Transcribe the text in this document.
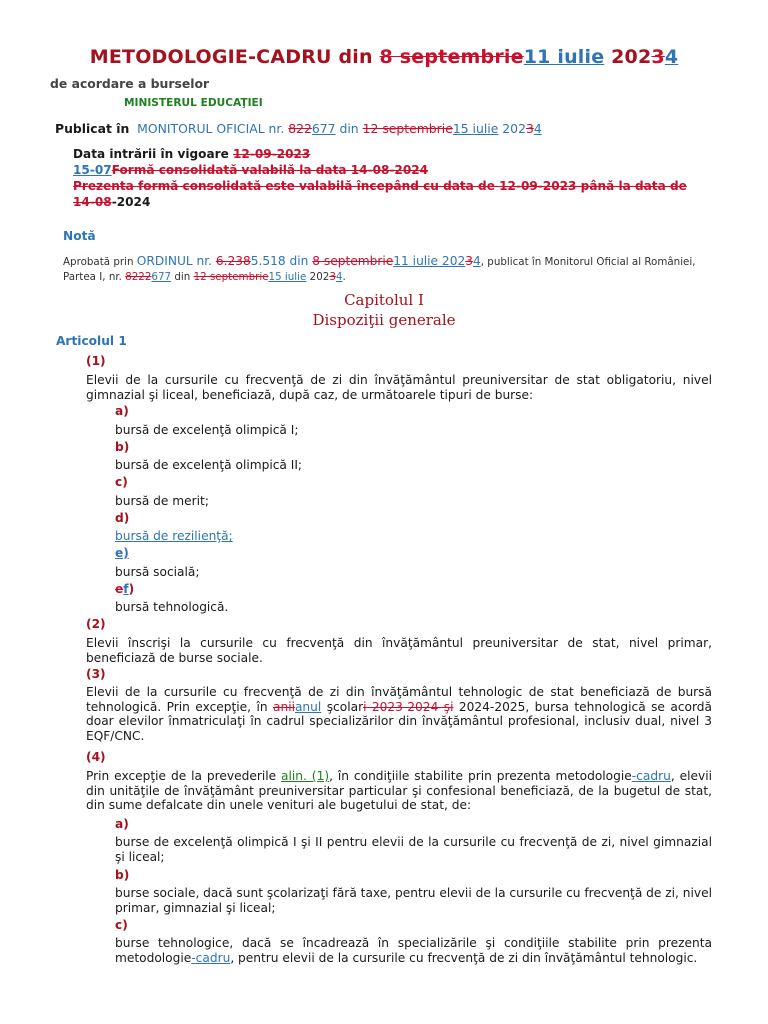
METODOLOGIE-CADRU din 8 septembrie11 iulie 20234
de acordare a burselor
MINISTERUL EDUCAŢIEI
Publicat în MONITORUL OFICIAL nr. 822677 din 12 septembrie15 iulie 20234
Data intrării în vigoare 12-09-2023
15-07Formă consolidată valabilă la data 14-08-2024
Prezenta formă consolidată este valabilă începând cu data de 12-09-2023 până la data de
14-08-2024
Notă
Aprobată prin ORDINUL nr. 6.2385.518 din 8 septembrie11 iulie 20234, publicat în Monitorul Oficial al României,
Partea I, nr. 8222677 din 12 septembrie15 iulie 20234.
Capitolul I
Dispoziţii generale
Articolul 1
(1)
Elevii de la cursurile cu frecvenţă de zi din învăţământul preuniversitar de stat obligatoriu, nivel gimnazial şi liceal, beneficiază, după caz, de următoarele tipuri de burse:
a)
bursă de excelenţă olimpică I;
b)
bursă de excelenţă olimpică II;
c)
bursă de merit;
d)
bursă de rezilienţă;
e)
bursă socială;
ef)
bursă tehnologică.
(2)
Elevii înscrişi la cursurile cu frecvenţă din învăţământul preuniversitar de stat, nivel primar, beneficiază de burse sociale.
(3)
Elevii de la cursurile cu frecvenţă de zi din învăţământul tehnologic de stat beneficiază de bursă tehnologică. Prin excepţie, în aniianul şcolari 2023-2024 şi 2024-2025, bursa tehnologică se acordă doar elevilor înmatriculaţi în cadrul specializărilor din învăţământul profesional, inclusiv dual, nivel 3 EQF/CNC.
(4)
Prin excepţie de la prevederile alin. (1), în condiţiile stabilite prin prezenta metodologie-cadru, elevii din unităţile de învăţământ preuniversitar particular şi confesional beneficiază, de la bugetul de stat, din sume defalcate din unele venituri ale bugetului de stat, de:
a)
burse de excelenţă olimpică I şi II pentru elevii de la cursurile cu frecvenţă de zi, nivel gimnazial şi liceal;
b)
burse sociale, dacă sunt şcolarizaţi fără taxe, pentru elevii de la cursurile cu frecvenţă de zi, nivel primar, gimnazial şi liceal;
c)
burse tehnologice, dacă se încadrează în specializările şi condiţiile stabilite prin prezenta metodologie-cadru, pentru elevii de la cursurile cu frecvenţă de zi din învăţământul tehnologic.
